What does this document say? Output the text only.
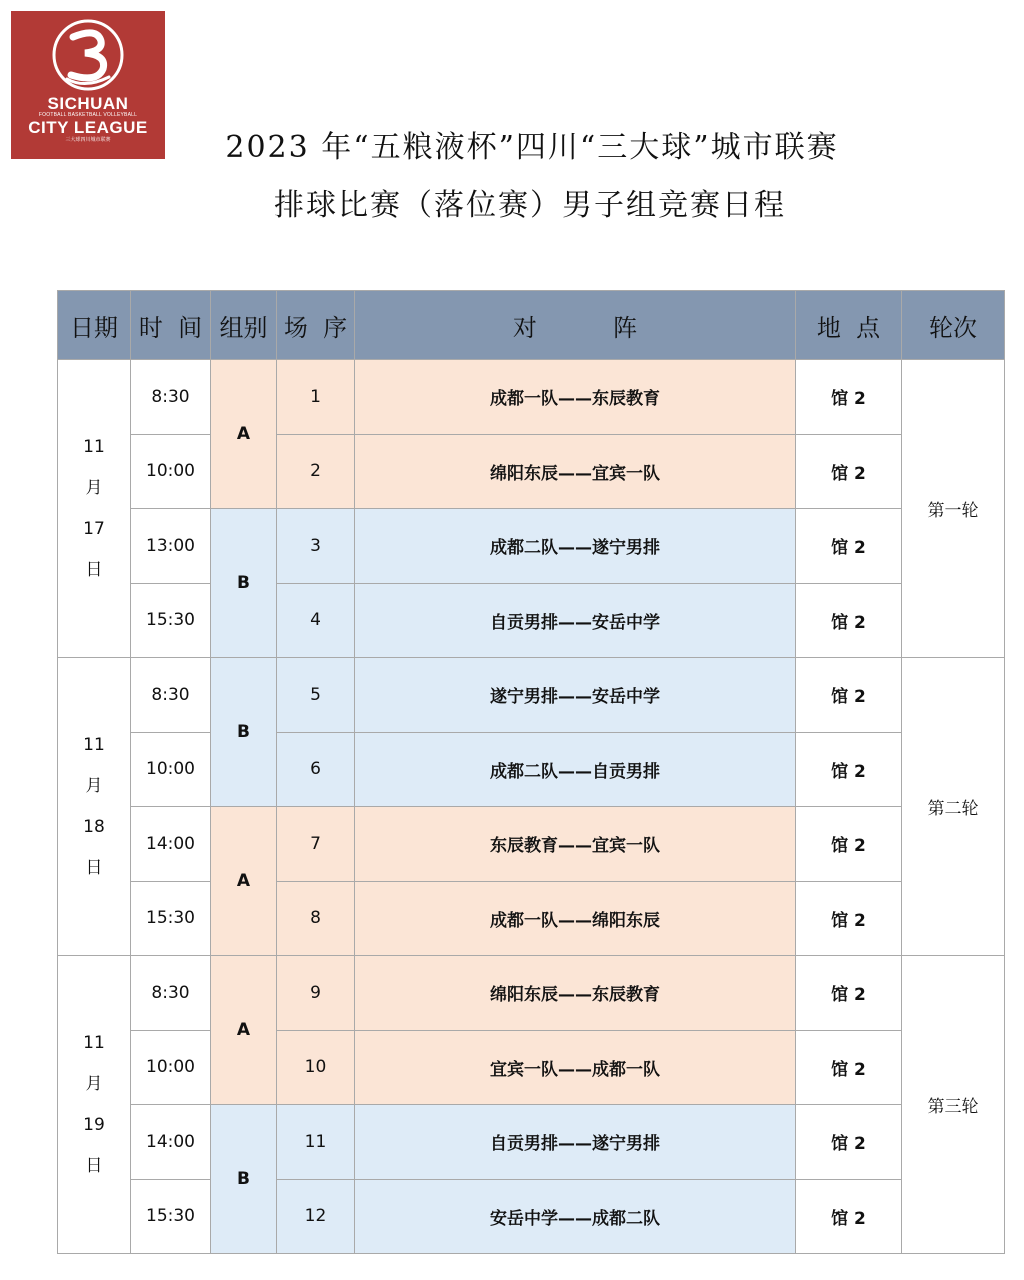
SICHUAN
FOOTBALL BASKETBALL VOLLEYBALL
CITY LEAGUE
三大球四川城市联赛	2023 年“五粮液杯”四川“三大球”城市联赛
排球比赛（落位赛）男子组竞赛日程
日期	时  间	组别	场  序	对          阵	地  点	轮次

11
月
17
日	8:30	A	1	成都一队——东辰教育	馆 2	第一轮
	10:00		2	绵阳东辰——宜宾一队	馆 2	
	13:00	B	3	成都二队——遂宁男排	馆 2	
	15:30		4	自贡男排——安岳中学	馆 2	

11
月
18
日	8:30	B	5	遂宁男排——安岳中学	馆 2	第二轮
	10:00		6	成都二队——自贡男排	馆 2	
	14:00	A	7	东辰教育——宜宾一队	馆 2	
	15:30		8	成都一队——绵阳东辰	馆 2	

11
月
19
日	8:30	A	9	绵阳东辰——东辰教育	馆 2	第三轮
	10:00		10	宜宾一队——成都一队	馆 2	
	14:00	B	11	自贡男排——遂宁男排	馆 2	
	15:30		12	安岳中学——成都二队	馆 2	
